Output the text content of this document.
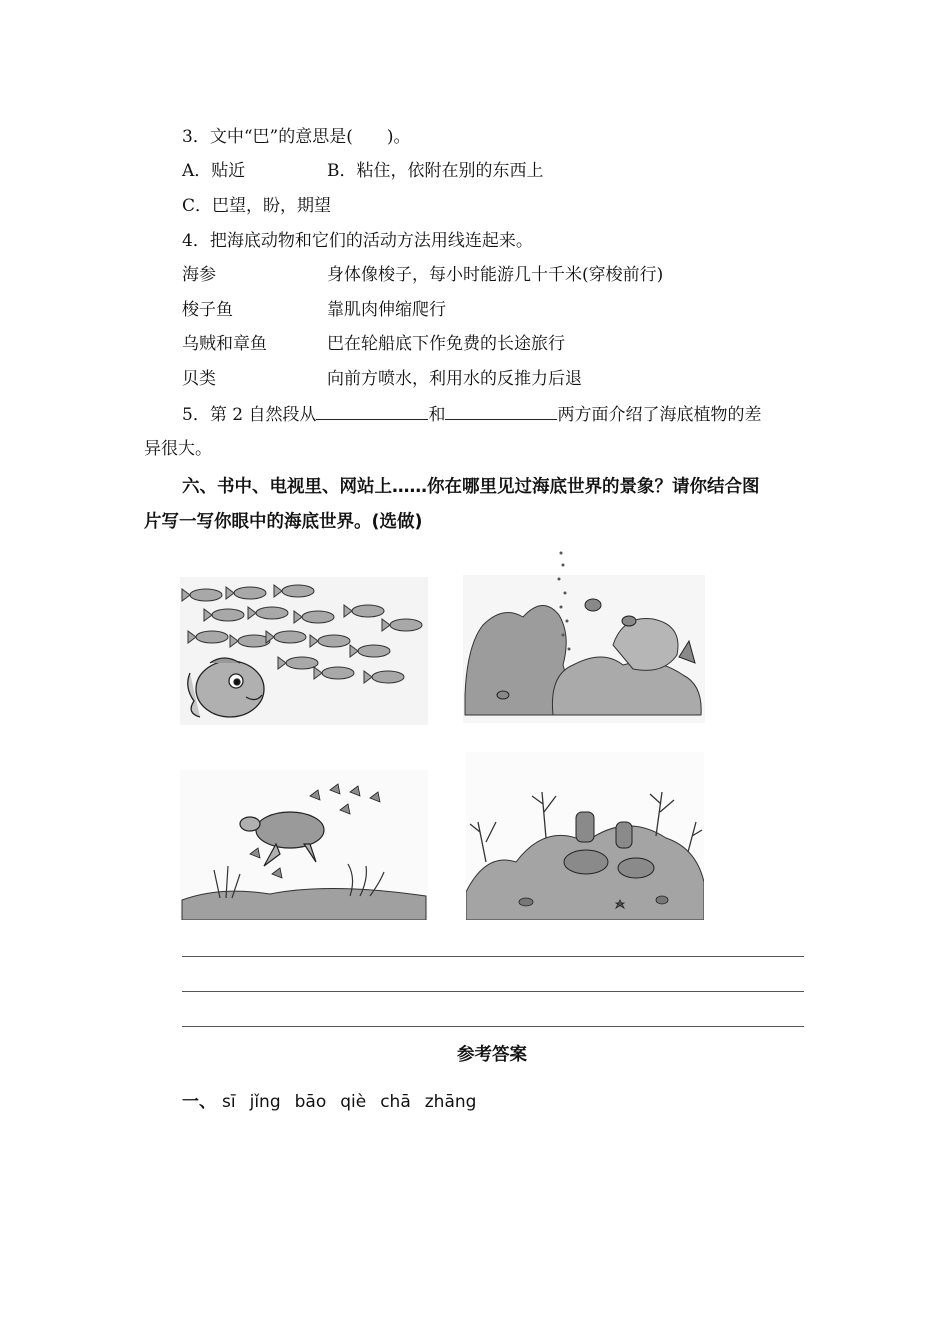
3．文中“巴”的意思是(　　)。
A．贴近	B．粘住，依附在别的东西上
C．巴望，盼，期望
4．把海底动物和它们的活动方法用线连起来。
海参	身体像梭子，每小时能游几十千米(穿梭前行)
梭子鱼	靠肌肉伸缩爬行
乌贼和章鱼	巴在轮船底下作免费的长途旅行
贝类	向前方喷水，利用水的反推力后退
5．第 2 自然段从	和	两方面介绍了海底植物的差
异很大。
六、书中、电视里、网站上……你在哪里见过海底世界的景象？请你结合图
片写一写你眼中的海底世界。(选做)
参考答案
一、 sī jǐng bāo qiè chā zhāng
